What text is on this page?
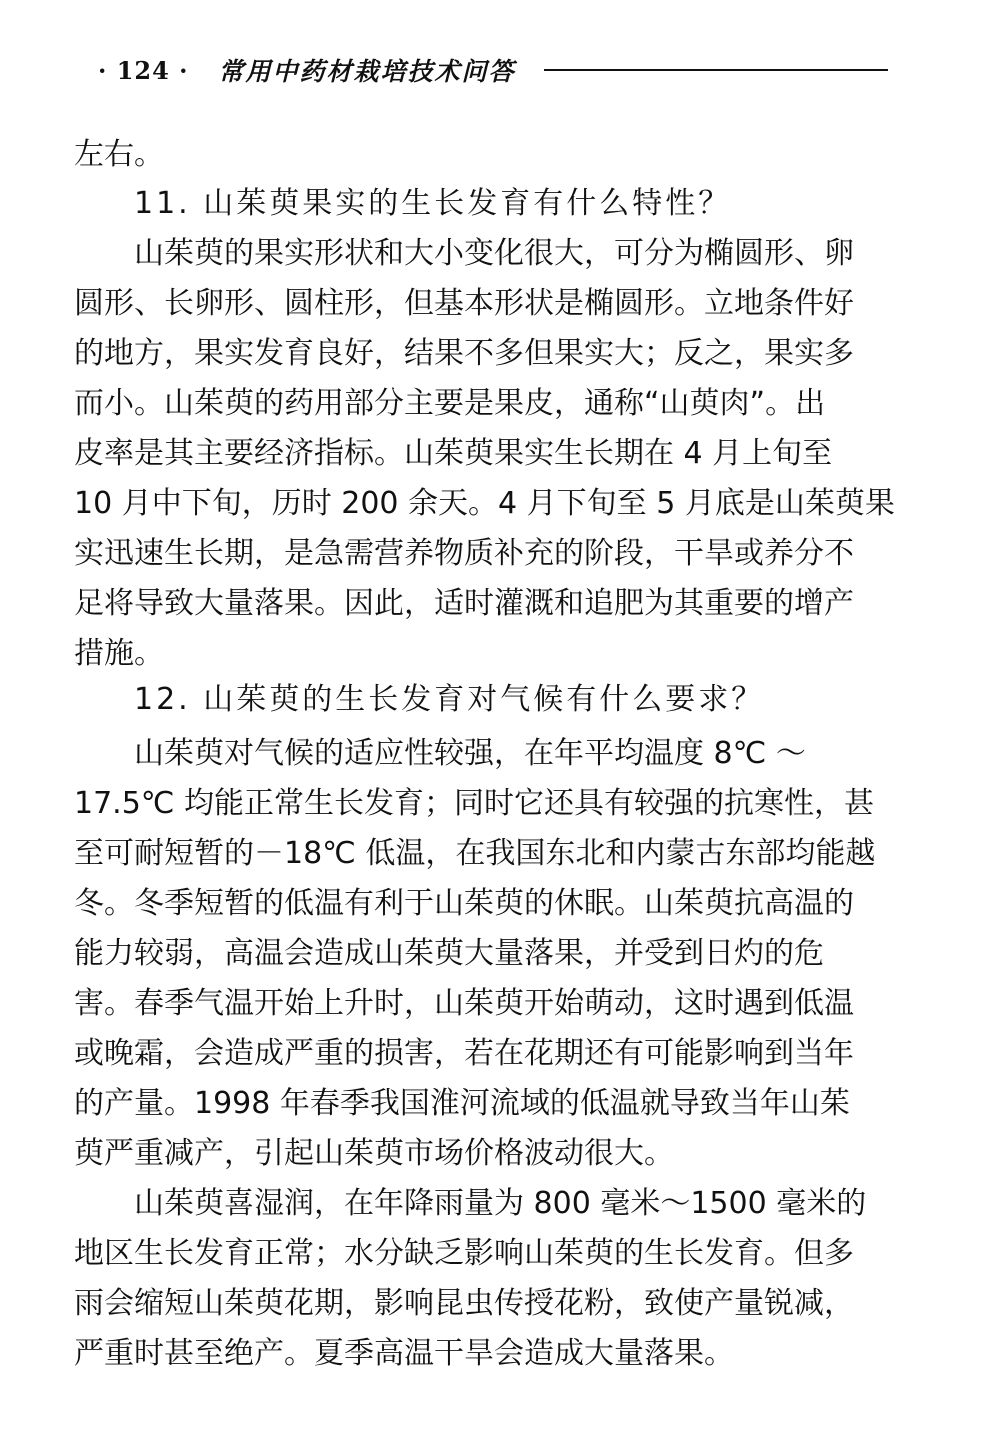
· 124 · 常用中药材栽培技术问答
左右。
11. 山茱萸果实的生长发育有什么特性？
山茱萸的果实形状和大小变化很大，可分为椭圆形、卵
圆形、长卵形、圆柱形，但基本形状是椭圆形。立地条件好
的地方，果实发育良好，结果不多但果实大；反之，果实多
而小。山茱萸的药用部分主要是果皮，通称“山萸肉”。出
皮率是其主要经济指标。山茱萸果实生长期在 4 月上旬至
10 月中下旬，历时 200 余天。4 月下旬至 5 月底是山茱萸果
实迅速生长期，是急需营养物质补充的阶段，干旱或养分不
足将导致大量落果。因此，适时灌溉和追肥为其重要的增产
措施。
12. 山茱萸的生长发育对气候有什么要求？
山茱萸对气候的适应性较强，在年平均温度 8℃ ～
17.5℃ 均能正常生长发育；同时它还具有较强的抗寒性，甚
至可耐短暂的－18℃ 低温，在我国东北和内蒙古东部均能越
冬。冬季短暂的低温有利于山茱萸的休眠。山茱萸抗高温的
能力较弱，高温会造成山茱萸大量落果，并受到日灼的危
害。春季气温开始上升时，山茱萸开始萌动，这时遇到低温
或晚霜，会造成严重的损害，若在花期还有可能影响到当年
的产量。1998 年春季我国淮河流域的低温就导致当年山茱
萸严重减产，引起山茱萸市场价格波动很大。
山茱萸喜湿润，在年降雨量为 800 毫米～1500 毫米的
地区生长发育正常；水分缺乏影响山茱萸的生长发育。但多
雨会缩短山茱萸花期，影响昆虫传授花粉，致使产量锐减，
严重时甚至绝产。夏季高温干旱会造成大量落果。
